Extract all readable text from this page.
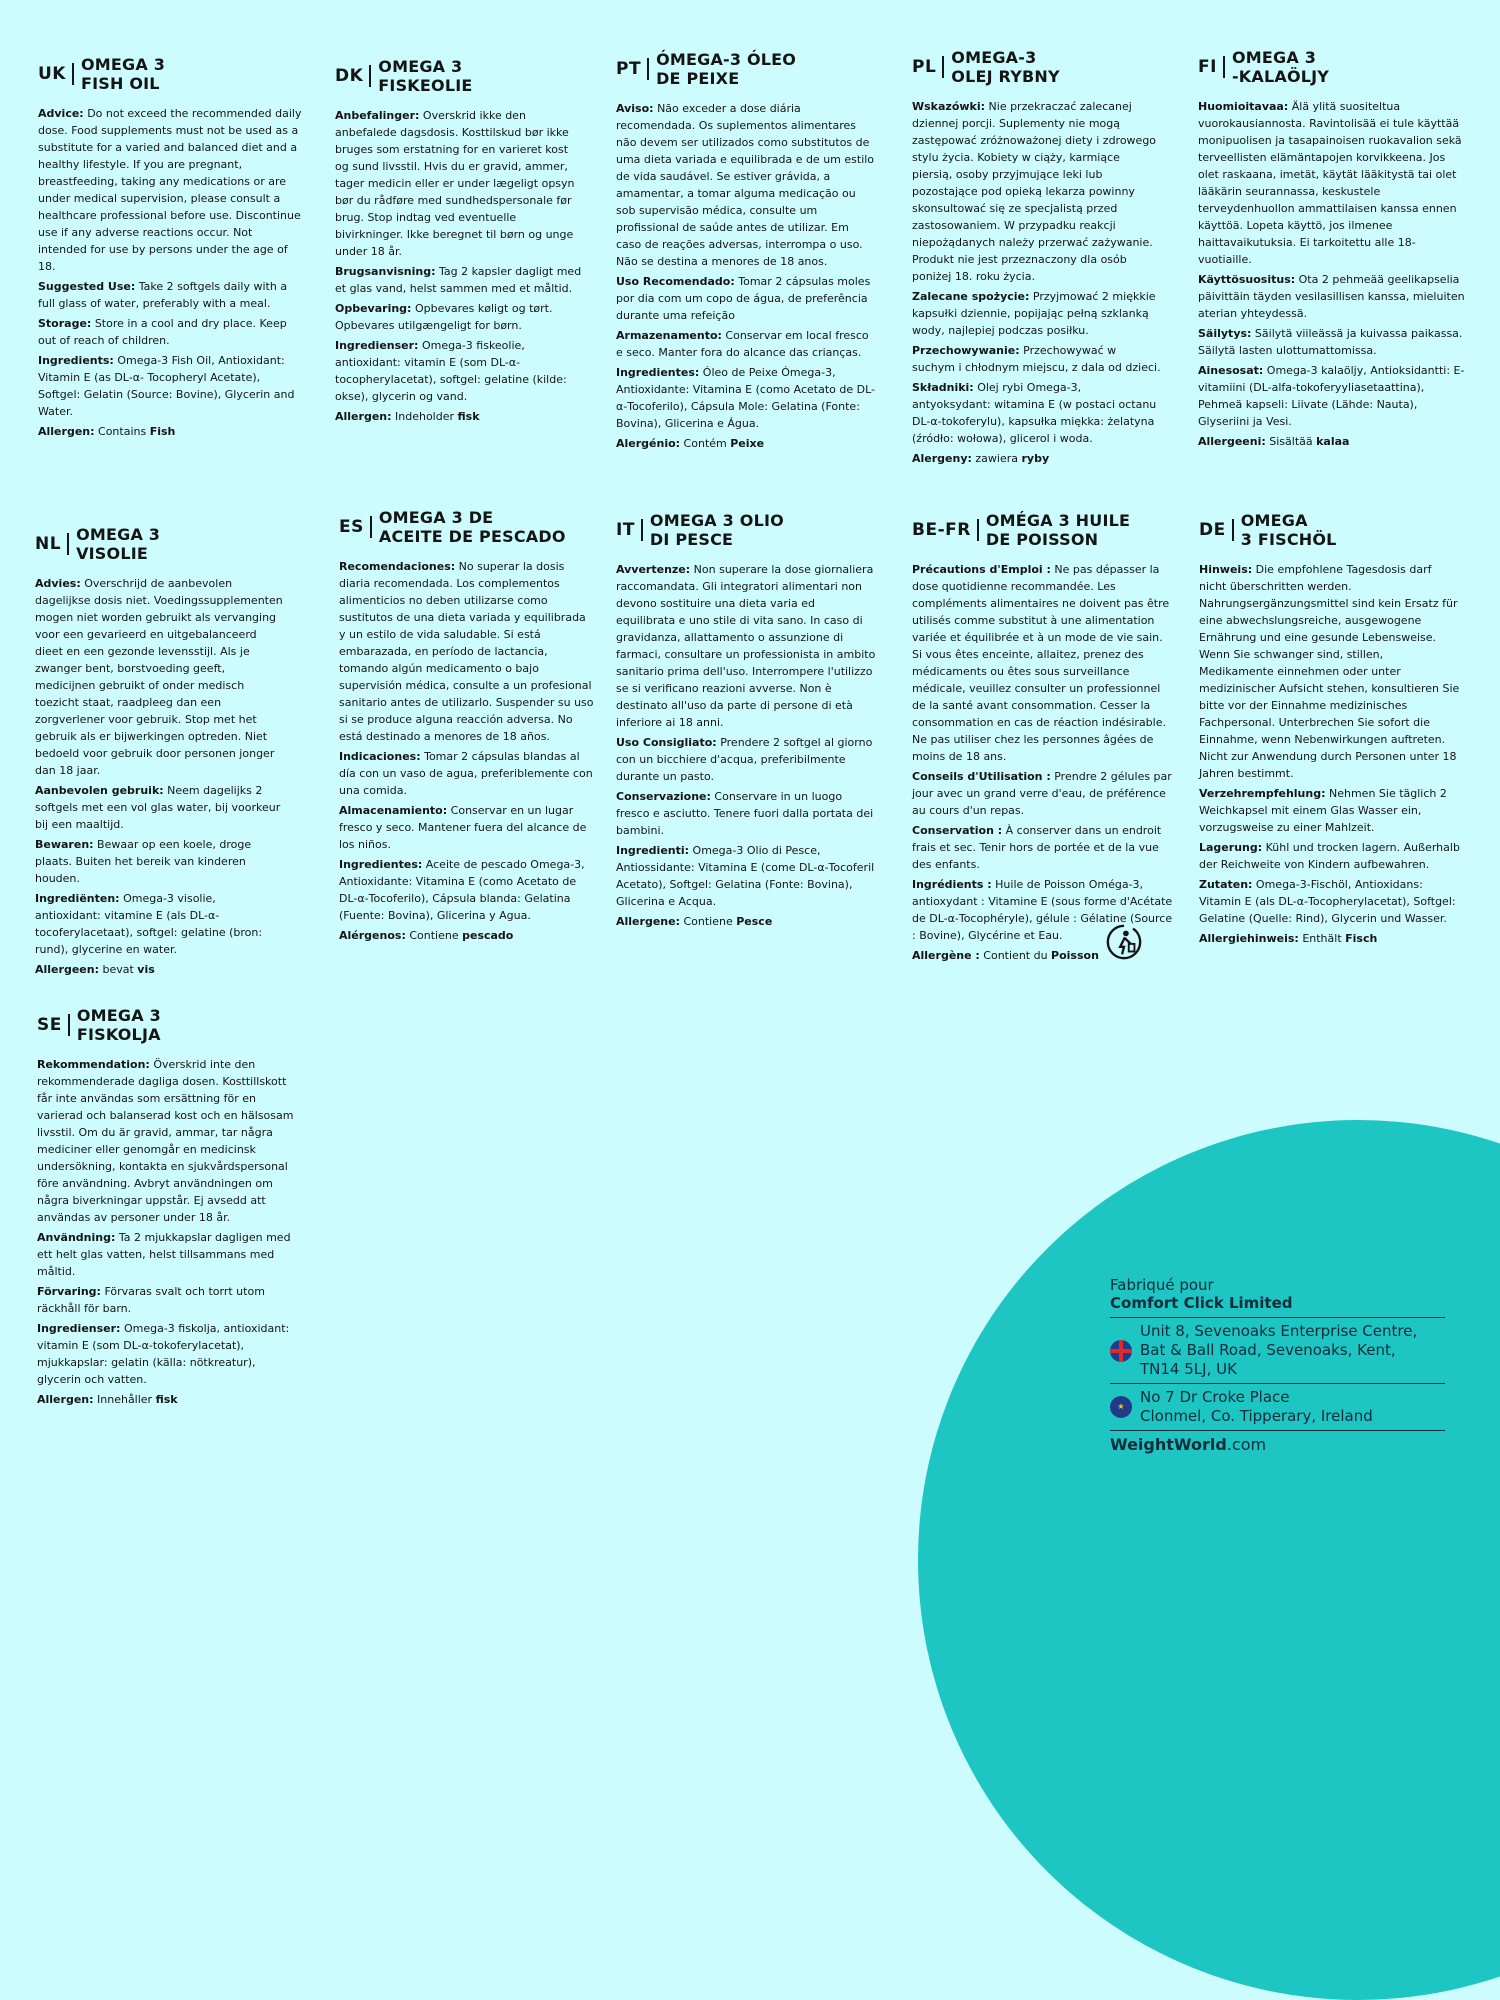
UK OMEGA 3
FISH OIL
Advice: Do not exceed the recommended daily dose. Food supplements must not be used as a substitute for a varied and balanced diet and a healthy lifestyle. If you are pregnant, breastfeeding, taking any medications or are under medical supervision, please consult a healthcare professional before use. Discontinue use if any adverse reactions occur. Not intended for use by persons under the age of 18.
Suggested Use: Take 2 softgels daily with a full glass of water, preferably with a meal.
Storage: Store in a cool and dry place. Keep out of reach of children.
Ingredients: Omega-3 Fish Oil, Antioxidant: Vitamin E (as DL-α- Tocopheryl Acetate), Softgel: Gelatin (Source: Bovine), Glycerin and Water.
Allergen: Contains Fish
DK OMEGA 3
FISKEOLIE
Anbefalinger: Overskrid ikke den anbefalede dagsdosis. Kosttilskud bør ikke bruges som erstatning for en varieret kost og sund livsstil. Hvis du er gravid, ammer, tager medicin eller er under lægeligt opsyn bør du rådføre med sundhedspersonale før brug. Stop indtag ved eventuelle bivirkninger. Ikke beregnet til børn og unge under 18 år.
Brugsanvisning: Tag 2 kapsler dagligt med et glas vand, helst sammen med et måltid.
Opbevaring: Opbevares køligt og tørt. Opbevares utilgængeligt for børn.
Ingredienser: Omega-3 fiskeolie, antioxidant: vitamin E (som DL-α-tocopherylacetat), softgel: gelatine (kilde: okse), glycerin og vand.
Allergen: Indeholder fisk
PT ÓMEGA-3 ÓLEO
DE PEIXE
Aviso: Não exceder a dose diária recomendada. Os suplementos alimentares não devem ser utilizados como substitutos de uma dieta variada e equilibrada e de um estilo de vida saudável. Se estiver grávida, a amamentar, a tomar alguma medicação ou sob supervisão médica, consulte um profissional de saúde antes de utilizar. Em caso de reações adversas, interrompa o uso. Não se destina a menores de 18 anos.
Uso Recomendado: Tomar 2 cápsulas moles por dia com um copo de água, de preferência durante uma refeição
Armazenamento: Conservar em local fresco e seco. Manter fora do alcance das crianças.
Ingredientes: Óleo de Peixe Ómega-3, Antioxidante: Vitamina E (como Acetato de DL-α-Tocoferilo), Cápsula Mole: Gelatina (Fonte: Bovina), Glicerina e Água.
Alergénio: Contém Peixe
PL OMEGA-3
OLEJ RYBNY
Wskazówki: Nie przekraczać zalecanej dziennej porcji. Suplementy nie mogą zastępować zróżnoważonej diety i zdrowego stylu życia. Kobiety w ciąży, karmiące piersią, osoby przyjmujące leki lub pozostające pod opieką lekarza powinny skonsultować się ze specjalistą przed zastosowaniem. W przypadku reakcji niepożądanych należy przerwać zażywanie. Produkt nie jest przeznaczony dla osób poniżej 18. roku życia.
Zalecane spożycie: Przyjmować 2 miękkie kapsułki dziennie, popijając pełną szklanką wody, najlepiej podczas posiłku.
Przechowywanie: Przechowywać w suchym i chłodnym miejscu, z dala od dzieci.
Składniki: Olej rybi Omega-3, antyoksydant: witamina E (w postaci octanu DL-α-tokoferylu), kapsułka miękka: żelatyna (źródło: wołowa), glicerol i woda.
Alergeny: zawiera ryby
FI OMEGA 3
-KALAÖLJY
Huomioitavaa: Älä ylitä suositeltua vuorokausiannosta. Ravintolisää ei tule käyttää monipuolisen ja tasapainoisen ruokavalion sekä terveellisten elämäntapojen korvikkeena. Jos olet raskaana, imetät, käytät lääkitystä tai olet lääkärin seurannassa, keskustele terveydenhuollon ammattilaisen kanssa ennen käyttöä. Lopeta käyttö, jos ilmenee haittavaikutuksia. Ei tarkoitettu alle 18-vuotiaille.
Käyttösuositus: Ota 2 pehmeää geelikapselia päivittäin täyden vesilasillisen kanssa, mieluiten aterian yhteydessä.
Säilytys: Säilytä viileässä ja kuivassa paikassa. Säilytä lasten ulottumattomissa.
Ainesosat: Omega-3 kalaöljy, Antioksidantti: E-vitamiini (DL-alfa-tokoferyyliasetaattina), Pehmeä kapseli: Liivate (Lähde: Nauta), Glyseriini ja Vesi.
Allergeeni: Sisältää kalaa
NL OMEGA 3
VISOLIE
Advies: Overschrijd de aanbevolen dagelijkse dosis niet. Voedingssupplementen mogen niet worden gebruikt als vervanging voor een gevarieerd en uitgebalanceerd dieet en een gezonde levensstijl. Als je zwanger bent, borstvoeding geeft, medicijnen gebruikt of onder medisch toezicht staat, raadpleeg dan een zorgverlener voor gebruik. Stop met het gebruik als er bijwerkingen optreden. Niet bedoeld voor gebruik door personen jonger dan 18 jaar.
Aanbevolen gebruik: Neem dagelijks 2 softgels met een vol glas water, bij voorkeur bij een maaltijd.
Bewaren: Bewaar op een koele, droge plaats. Buiten het bereik van kinderen houden.
Ingrediënten: Omega-3 visolie, antioxidant: vitamine E (als DL-α-tocoferylacetaat), softgel: gelatine (bron: rund), glycerine en water.
Allergeen: bevat vis
ES OMEGA 3 DE
ACEITE DE PESCADO
Recomendaciones: No superar la dosis diaria recomendada. Los complementos alimenticios no deben utilizarse como sustitutos de una dieta variada y equilibrada y un estilo de vida saludable. Si está embarazada, en período de lactancia, tomando algún medicamento o bajo supervisión médica, consulte a un profesional sanitario antes de utilizarlo. Suspender su uso si se produce alguna reacción adversa. No está destinado a menores de 18 años.
Indicaciones: Tomar 2 cápsulas blandas al día con un vaso de agua, preferiblemente con una comida.
Almacenamiento: Conservar en un lugar fresco y seco. Mantener fuera del alcance de los niños.
Ingredientes: Aceite de pescado Omega-3, Antioxidante: Vitamina E (como Acetato de DL-α-Tocoferilo), Cápsula blanda: Gelatina (Fuente: Bovina), Glicerina y Agua.
Alérgenos: Contiene pescado
IT OMEGA 3 OLIO
DI PESCE
Avvertenze: Non superare la dose giornaliera raccomandata. Gli integratori alimentari non devono sostituire una dieta varia ed equilibrata e uno stile di vita sano. In caso di gravidanza, allattamento o assunzione di farmaci, consultare un professionista in ambito sanitario prima dell'uso. Interrompere l'utilizzo se si verificano reazioni avverse. Non è destinato all'uso da parte di persone di età inferiore ai 18 anni.
Uso Consigliato: Prendere 2 softgel al giorno con un bicchiere d'acqua, preferibilmente durante un pasto.
Conservazione: Conservare in un luogo fresco e asciutto. Tenere fuori dalla portata dei bambini.
Ingredienti: Omega-3 Olio di Pesce, Antiossidante: Vitamina E (come DL-α-Tocoferil Acetato), Softgel: Gelatina (Fonte: Bovina), Glicerina e Acqua.
Allergene: Contiene Pesce
BE-FR OMÉGA 3 HUILE
DE POISSON
Précautions d'Emploi : Ne pas dépasser la dose quotidienne recommandée. Les compléments alimentaires ne doivent pas être utilisés comme substitut à une alimentation variée et équilibrée et à un mode de vie sain. Si vous êtes enceinte, allaitez, prenez des médicaments ou êtes sous surveillance médicale, veuillez consulter un professionnel de la santé avant consommation. Cesser la consommation en cas de réaction indésirable. Ne pas utiliser chez les personnes âgées de moins de 18 ans.
Conseils d'Utilisation : Prendre 2 gélules par jour avec un grand verre d'eau, de préférence au cours d'un repas.
Conservation : À conserver dans un endroit frais et sec. Tenir hors de portée et de la vue des enfants.
Ingrédients : Huile de Poisson Oméga-3, antioxydant : Vitamine E (sous forme d'Acétate de DL-α-Tocophéryle), gélule : Gélatine (Source : Bovine), Glycérine et Eau.
Allergène : Contient du Poisson
DE OMEGA
3 FISCHÖL
Hinweis: Die empfohlene Tagesdosis darf nicht überschritten werden. Nahrungsergänzungsmittel sind kein Ersatz für eine abwechslungsreiche, ausgewogene Ernährung und eine gesunde Lebensweise. Wenn Sie schwanger sind, stillen, Medikamente einnehmen oder unter medizinischer Aufsicht stehen, konsultieren Sie bitte vor der Einnahme medizinisches Fachpersonal. Unterbrechen Sie sofort die Einnahme, wenn Nebenwirkungen auftreten. Nicht zur Anwendung durch Personen unter 18 Jahren bestimmt.
Verzehrempfehlung: Nehmen Sie täglich 2 Weichkapsel mit einem Glas Wasser ein, vorzugsweise zu einer Mahlzeit.
Lagerung: Kühl und trocken lagern. Außerhalb der Reichweite von Kindern aufbewahren.
Zutaten: Omega-3-Fischöl, Antioxidans: Vitamin E (als DL-α-Tocopherylacetat), Softgel: Gelatine (Quelle: Rind), Glycerin und Wasser.
Allergiehinweis: Enthält Fisch
SE OMEGA 3
FISKOLJA
Rekommendation: Överskrid inte den rekommenderade dagliga dosen. Kosttillskott får inte användas som ersättning för en varierad och balanserad kost och en hälsosam livsstil. Om du är gravid, ammar, tar några mediciner eller genomgår en medicinsk undersökning, kontakta en sjukvårdspersonal före användning. Avbryt användningen om några biverkningar uppstår. Ej avsedd att användas av personer under 18 år.
Användning: Ta 2 mjukkapslar dagligen med ett helt glas vatten, helst tillsammans med måltid.
Förvaring: Förvaras svalt och torrt utom räckhåll för barn.
Ingredienser: Omega-3 fiskolja, antioxidant: vitamin E (som DL-α-tokoferylacetat), mjukkapslar: gelatin (källa: nötkreatur), glycerin och vatten.
Allergen: Innehåller fisk
Fabriqué pour
Comfort Click Limited
Unit 8, Sevenoaks Enterprise Centre,
Bat & Ball Road, Sevenoaks, Kent,
TN14 5LJ, UK
★
No 7 Dr Croke Place
Clonmel, Co. Tipperary, Ireland
WeightWorld.com
